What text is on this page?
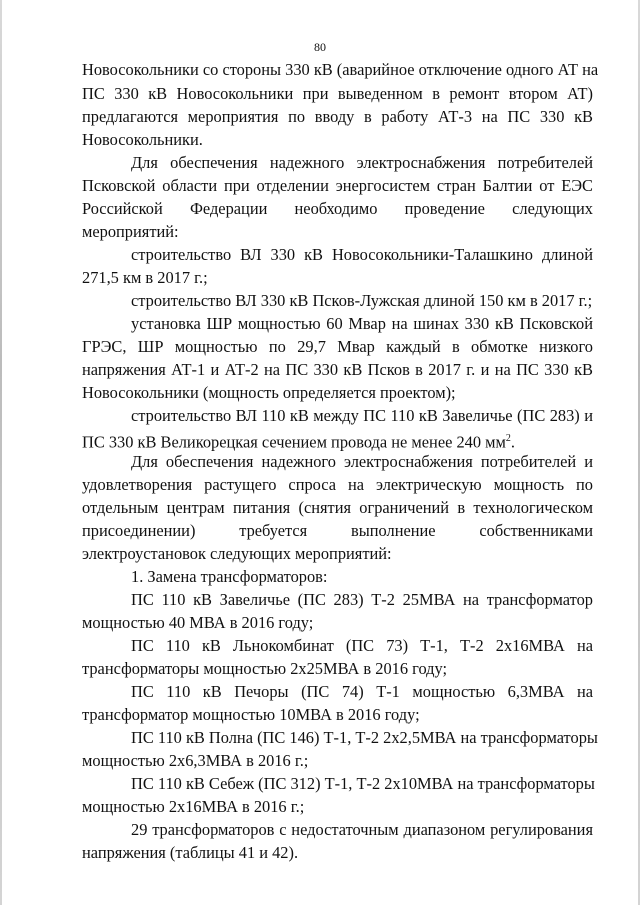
80
Новосокольники со стороны 330 кВ (аварийное отключение одного АТ на
ПС 330 кВ Новосокольники при выведенном в ремонт втором АТ)
предлагаются мероприятия по вводу в работу АТ-3 на ПС 330 кВ
Новосокольники.
Для обеспечения надежного электроснабжения потребителей
Псковской области при отделении энергосистем стран Балтии от ЕЭС
Российской Федерации необходимо проведение следующих
мероприятий:
строительство ВЛ 330 кВ Новосокольники-Талашкино длиной
271,5 км в 2017 г.;
строительство ВЛ 330 кВ Псков-Лужская длиной 150 км в 2017 г.;
установка ШР мощностью 60 Мвар на шинах 330 кВ Псковской
ГРЭС, ШР мощностью по 29,7 Мвар каждый в обмотке низкого
напряжения АТ-1 и АТ-2 на ПС 330 кВ Псков в 2017 г. и на ПС 330 кВ
Новосокольники (мощность определяется проектом);
строительство ВЛ 110 кВ между ПС 110 кВ Завеличье (ПС 283) и
ПС 330 кВ Великорецкая сечением провода не менее 240 $мм^2$.
Для обеспечения надежного электроснабжения потребителей и
удовлетворения растущего спроса на электрическую мощность по
отдельным центрам питания (снятия ограничений в технологическом
присоединении) требуется выполнение собственниками
электроустановок следующих мероприятий:
1. Замена трансформаторов:
ПС 110 кВ Завеличье (ПС 283) Т-2 25МВА на трансформатор
мощностью 40 МВА в 2016 году;
ПС 110 кВ Льнокомбинат (ПС 73) Т-1, Т-2 2х16МВА на
трансформаторы мощностью 2х25МВА в 2016 году;
ПС 110 кВ Печоры (ПС 74) Т-1 мощностью 6,3МВА на
трансформатор мощностью 10МВА в 2016 году;
ПС 110 кВ Полна (ПС 146) Т-1, Т-2 2х2,5МВА на трансформаторы
мощностью 2х6,3МВА в 2016 г.;
ПС 110 кВ Себеж (ПС 312) Т-1, Т-2 2х10МВА на трансформаторы
мощностью 2х16МВА в 2016 г.;
29 трансформаторов с недостаточным диапазоном регулирования
напряжения (таблицы 41 и 42).
